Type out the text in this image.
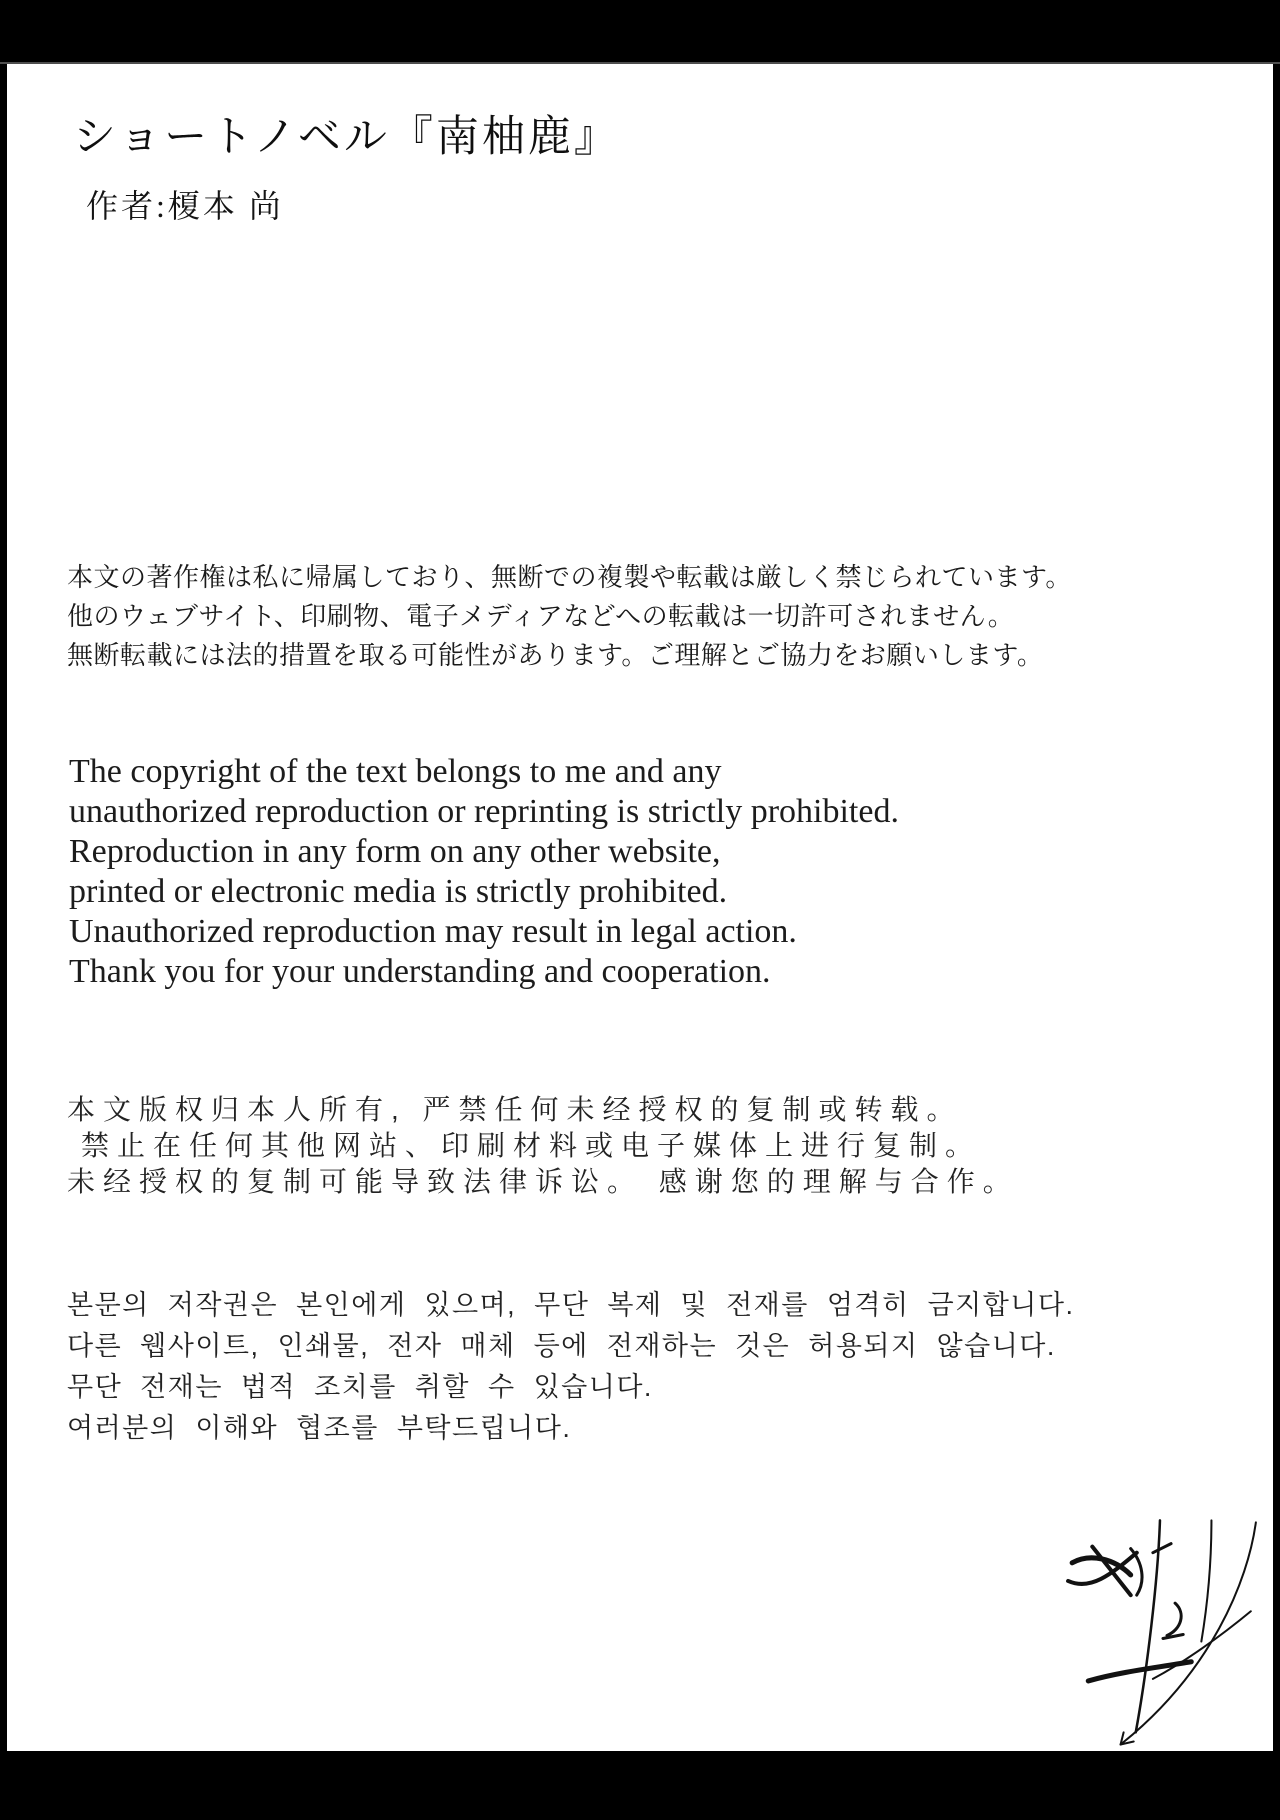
ショートノベル『南柚鹿』
作者:榎本 尚
本文の著作権は私に帰属しており、無断での複製や転載は厳しく禁じられています。
他のウェブサイト、印刷物、電子メディアなどへの転載は一切許可されません。
無断転載には法的措置を取る可能性があります。ご理解とご協力をお願いします。
The copyright of the text belongs to me and any
unauthorized reproduction or reprinting is strictly prohibited.
Reproduction in any form on any other website,
printed or electronic media is strictly prohibited.
Unauthorized reproduction may result in legal action.
Thank you for your understanding and cooperation.
本文版权归本人所有, 严禁任何未经授权的复制或转载。
禁止在任何其他网站、印刷材料或电子媒体上进行复制。
未经授权的复制可能导致法律诉讼。 感谢您的理解与合作。
본문의 저작권은 본인에게 있으며, 무단 복제 및 전재를 엄격히 금지합니다.
다른 웹사이트, 인쇄물, 전자 매체 등에 전재하는 것은 허용되지 않습니다.
무단 전재는 법적 조치를 취할 수 있습니다.
여러분의 이해와 협조를 부탁드립니다.
